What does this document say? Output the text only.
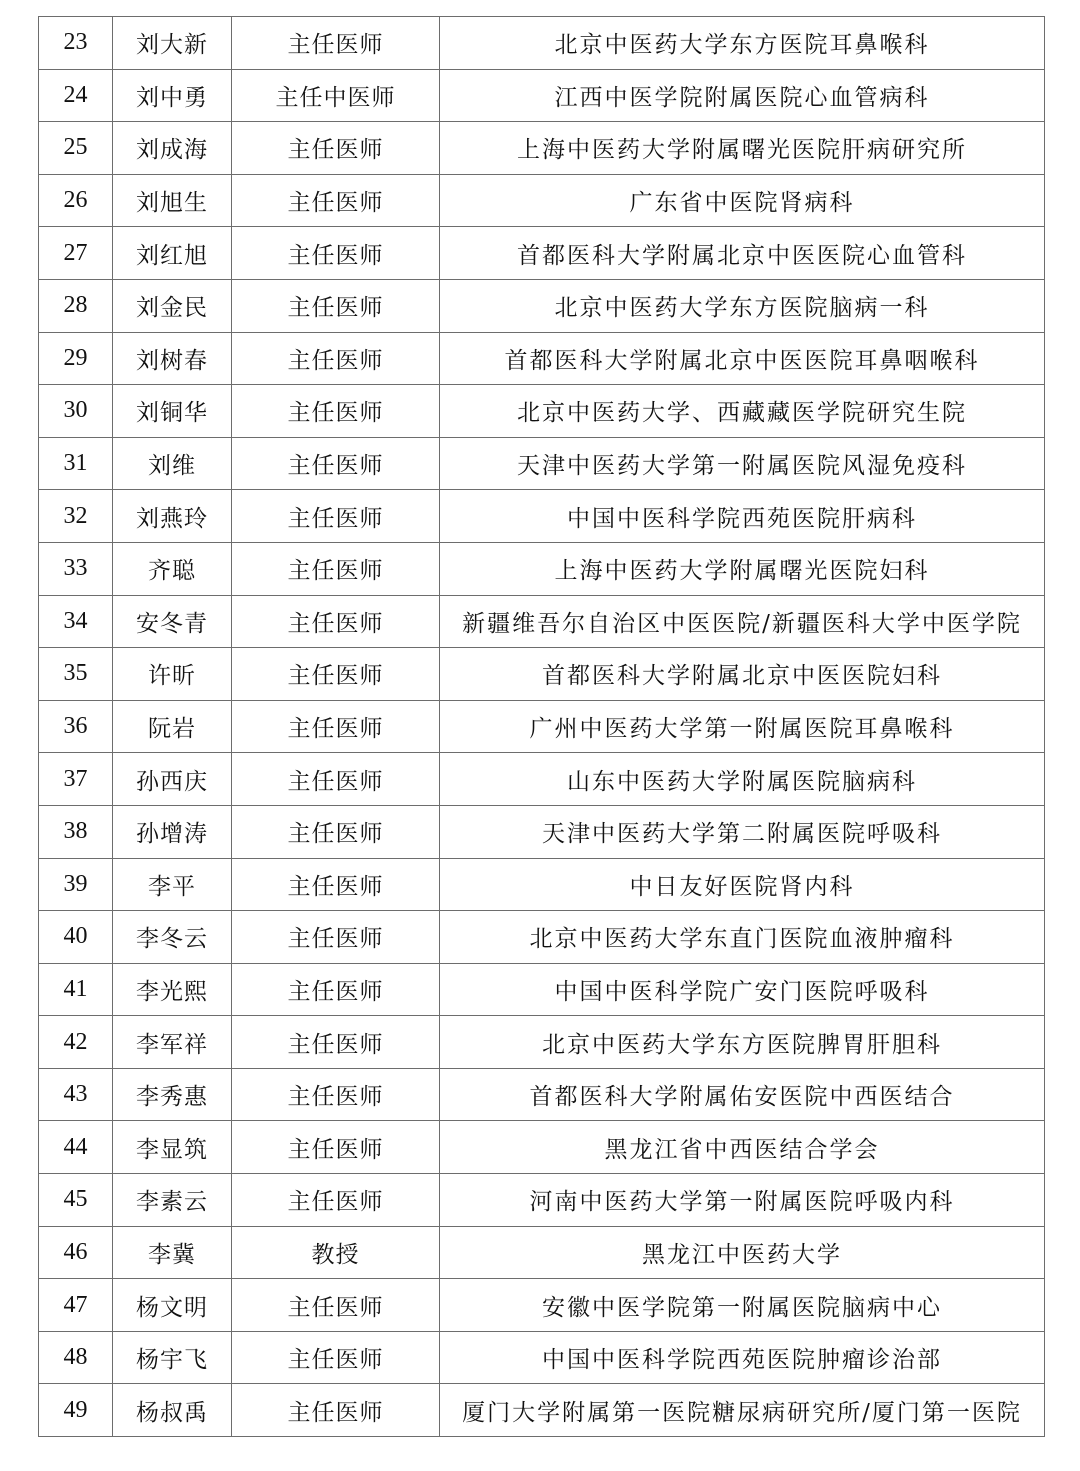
23	刘大新	主任医师	北京中医药大学东方医院耳鼻喉科
24	刘中勇	主任中医师	江西中医学院附属医院心血管病科
25	刘成海	主任医师	上海中医药大学附属曙光医院肝病研究所
26	刘旭生	主任医师	广东省中医院肾病科
27	刘红旭	主任医师	首都医科大学附属北京中医医院心血管科
28	刘金民	主任医师	北京中医药大学东方医院脑病一科
29	刘树春	主任医师	首都医科大学附属北京中医医院耳鼻咽喉科
30	刘铜华	主任医师	北京中医药大学、西藏藏医学院研究生院
31	刘维	主任医师	天津中医药大学第一附属医院风湿免疫科
32	刘燕玲	主任医师	中国中医科学院西苑医院肝病科
33	齐聪	主任医师	上海中医药大学附属曙光医院妇科
34	安冬青	主任医师	新疆维吾尔自治区中医医院/新疆医科大学中医学院
35	许昕	主任医师	首都医科大学附属北京中医医院妇科
36	阮岩	主任医师	广州中医药大学第一附属医院耳鼻喉科
37	孙西庆	主任医师	山东中医药大学附属医院脑病科
38	孙增涛	主任医师	天津中医药大学第二附属医院呼吸科
39	李平	主任医师	中日友好医院肾内科
40	李冬云	主任医师	北京中医药大学东直门医院血液肿瘤科
41	李光熙	主任医师	中国中医科学院广安门医院呼吸科
42	李军祥	主任医师	北京中医药大学东方医院脾胃肝胆科
43	李秀惠	主任医师	首都医科大学附属佑安医院中西医结合
44	李显筑	主任医师	黑龙江省中西医结合学会
45	李素云	主任医师	河南中医药大学第一附属医院呼吸内科
46	李冀	教授	黑龙江中医药大学
47	杨文明	主任医师	安徽中医学院第一附属医院脑病中心
48	杨宇飞	主任医师	中国中医科学院西苑医院肿瘤诊治部
49	杨叔禹	主任医师	厦门大学附属第一医院糖尿病研究所/厦门第一医院
